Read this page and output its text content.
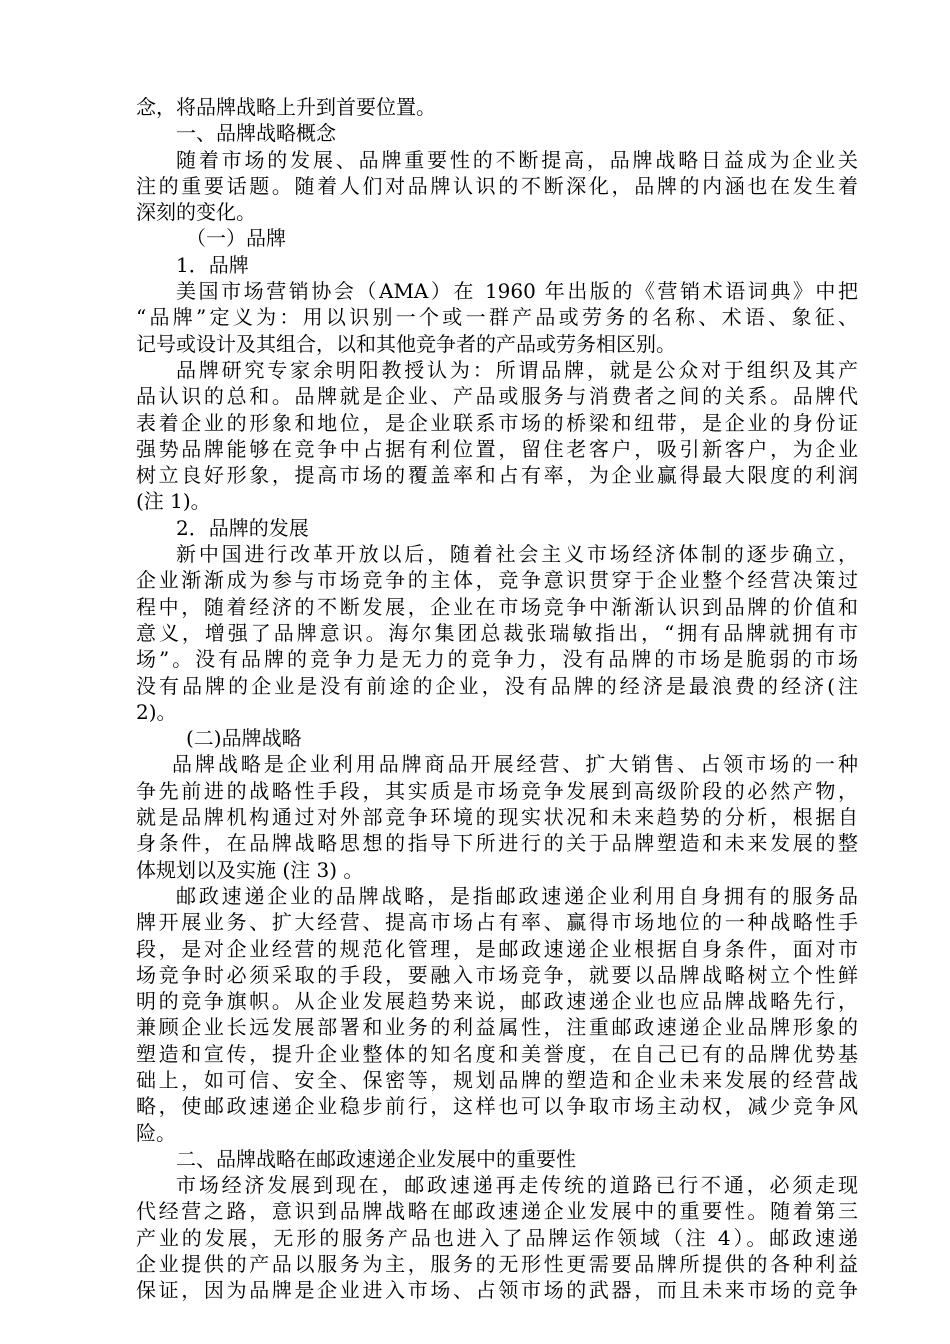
念，将品牌战略上升到首要位置。
一、品牌战略概念
随着市场的发展、品牌重要性的不断提高，品牌战略日益成为企业关
注的重要话题。随着人们对品牌认识的不断深化，品牌的内涵也在发生着
深刻的变化。
（一）品牌
1．品牌
美国市场营销协会（AMA）在 1960 年出版的《营销术语词典》中把
“品牌”定义为：用以识别一个或一群产品或劳务的名称、术语、象征、
记号或设计及其组合，以和其他竞争者的产品或劳务相区别。
品牌研究专家余明阳教授认为：所谓品牌，就是公众对于组织及其产
品认识的总和。品牌就是企业、产品或服务与消费者之间的关系。品牌代
表着企业的形象和地位，是企业联系市场的桥梁和纽带，是企业的身份证
强势品牌能够在竞争中占据有利位置，留住老客户，吸引新客户，为企业
树立良好形象，提高市场的覆盖率和占有率，为企业赢得最大限度的利润
(注 1)。
2．品牌的发展
新中国进行改革开放以后，随着社会主义市场经济体制的逐步确立，
企业渐渐成为参与市场竞争的主体，竞争意识贯穿于企业整个经营决策过
程中，随着经济的不断发展，企业在市场竞争中渐渐认识到品牌的价值和
意义，增强了品牌意识。海尔集团总裁张瑞敏指出，“拥有品牌就拥有市
场”。没有品牌的竞争力是无力的竞争力，没有品牌的市场是脆弱的市场
没有品牌的企业是没有前途的企业，没有品牌的经济是最浪费的经济(注
2)。
(二)品牌战略
品牌战略是企业利用品牌商品开展经营、扩大销售、占领市场的一种
争先前进的战略性手段，其实质是市场竞争发展到高级阶段的必然产物，
就是品牌机构通过对外部竞争环境的现实状况和未来趋势的分析，根据自
身条件，在品牌战略思想的指导下所进行的关于品牌塑造和未来发展的整
体规划以及实施 (注 3) 。
邮政速递企业的品牌战略，是指邮政速递企业利用自身拥有的服务品
牌开展业务、扩大经营、提高市场占有率、赢得市场地位的一种战略性手
段，是对企业经营的规范化管理，是邮政速递企业根据自身条件，面对市
场竞争时必须采取的手段，要融入市场竞争，就要以品牌战略树立个性鲜
明的竞争旗帜。从企业发展趋势来说，邮政速递企业也应品牌战略先行，
兼顾企业长远发展部署和业务的利益属性，注重邮政速递企业品牌形象的
塑造和宣传，提升企业整体的知名度和美誉度，在自己已有的品牌优势基
础上，如可信、安全、保密等，规划品牌的塑造和企业未来发展的经营战
略，使邮政速递企业稳步前行，这样也可以争取市场主动权，减少竞争风
险。
二、品牌战略在邮政速递企业发展中的重要性
市场经济发展到现在，邮政速递再走传统的道路已行不通，必须走现
代经营之路，意识到品牌战略在邮政速递企业发展中的重要性。随着第三
产业的发展，无形的服务产品也进入了品牌运作领域（注 4）。邮政速递
企业提供的产品以服务为主，服务的无形性更需要品牌所提供的各种利益
保证，因为品牌是企业进入市场、占领市场的武器，而且未来市场的竞争
